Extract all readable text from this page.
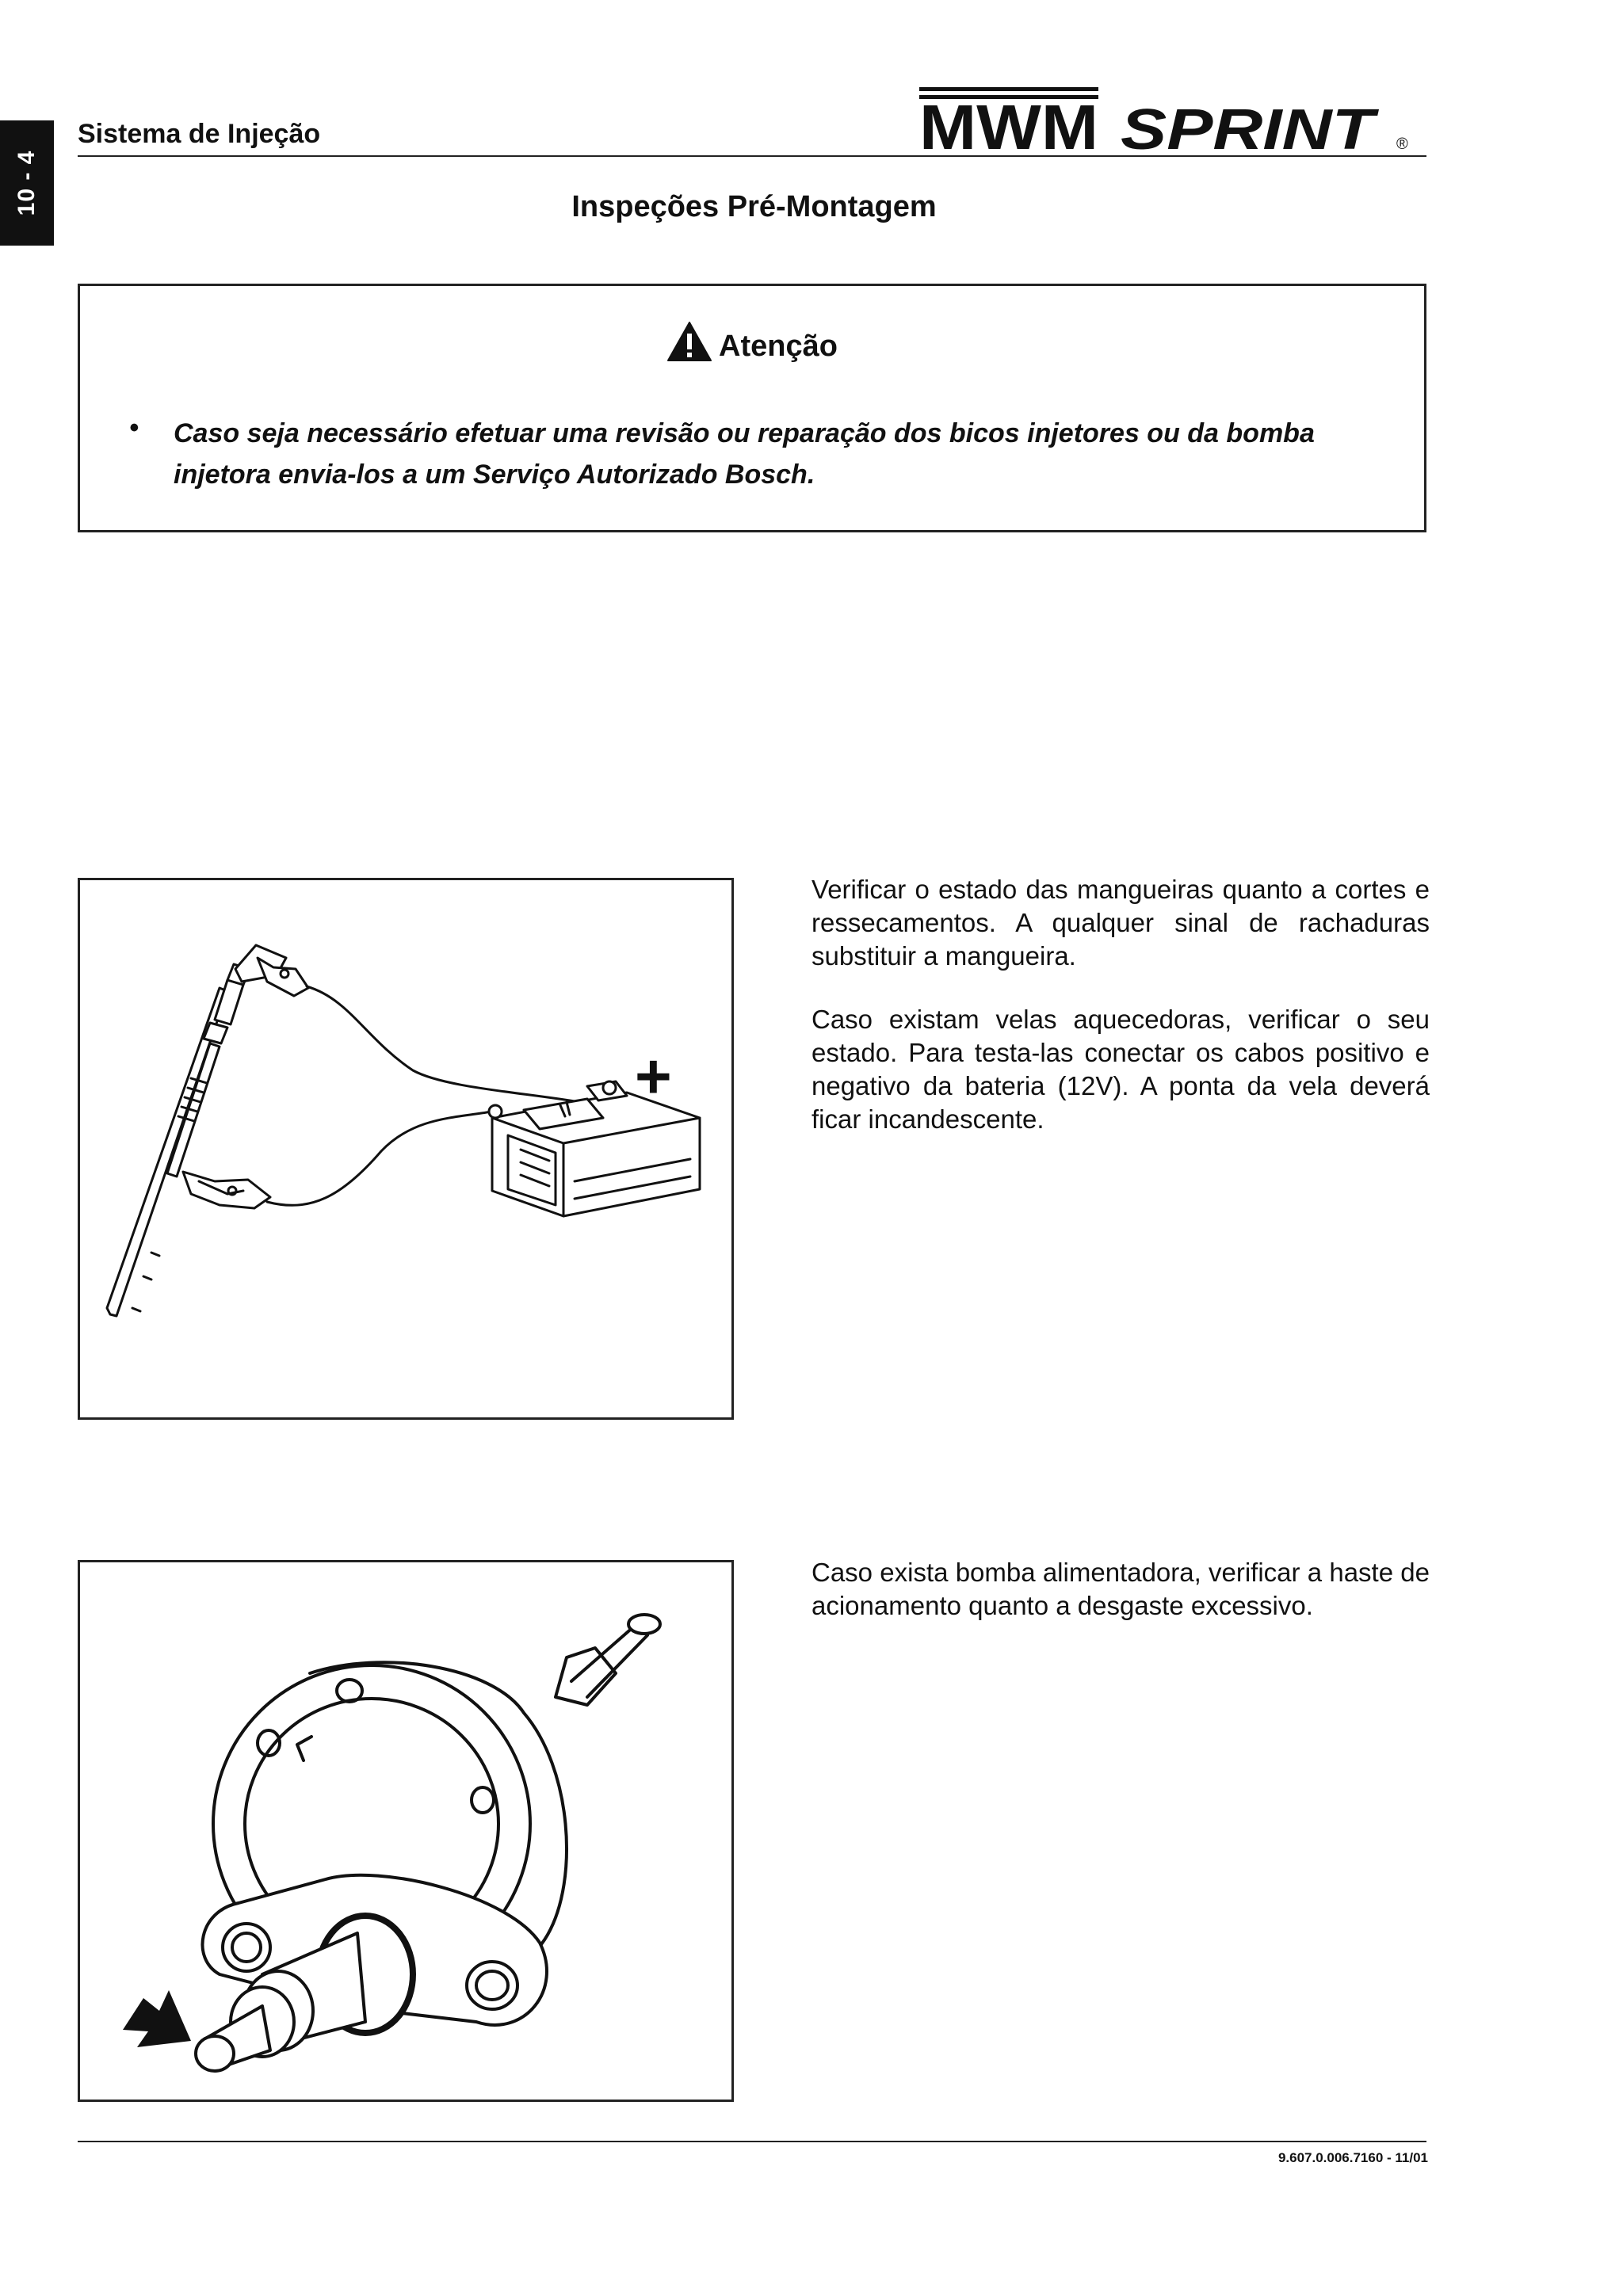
10 - 4
Sistema de Injeção	MWM SPRINT ®
Inspeções Pré-Montagem
Atenção
• Caso seja necessário efetuar uma revisão ou reparação dos bicos injetores ou da bomba injetora envia-los a um Serviço Autorizado Bosch.
+
Verificar o estado das mangueiras quanto a cortes e ressecamentos. A qualquer sinal de rachaduras substituir a mangueira.
Caso existam velas aquecedoras, verificar o seu estado. Para testa-las conectar os cabos positivo e negativo da bateria (12V). A ponta da vela deverá ficar incandescente.
Caso exista bomba alimentadora, verificar a haste de acionamento quanto a desgaste excessivo.
9.607.0.006.7160 - 11/01
